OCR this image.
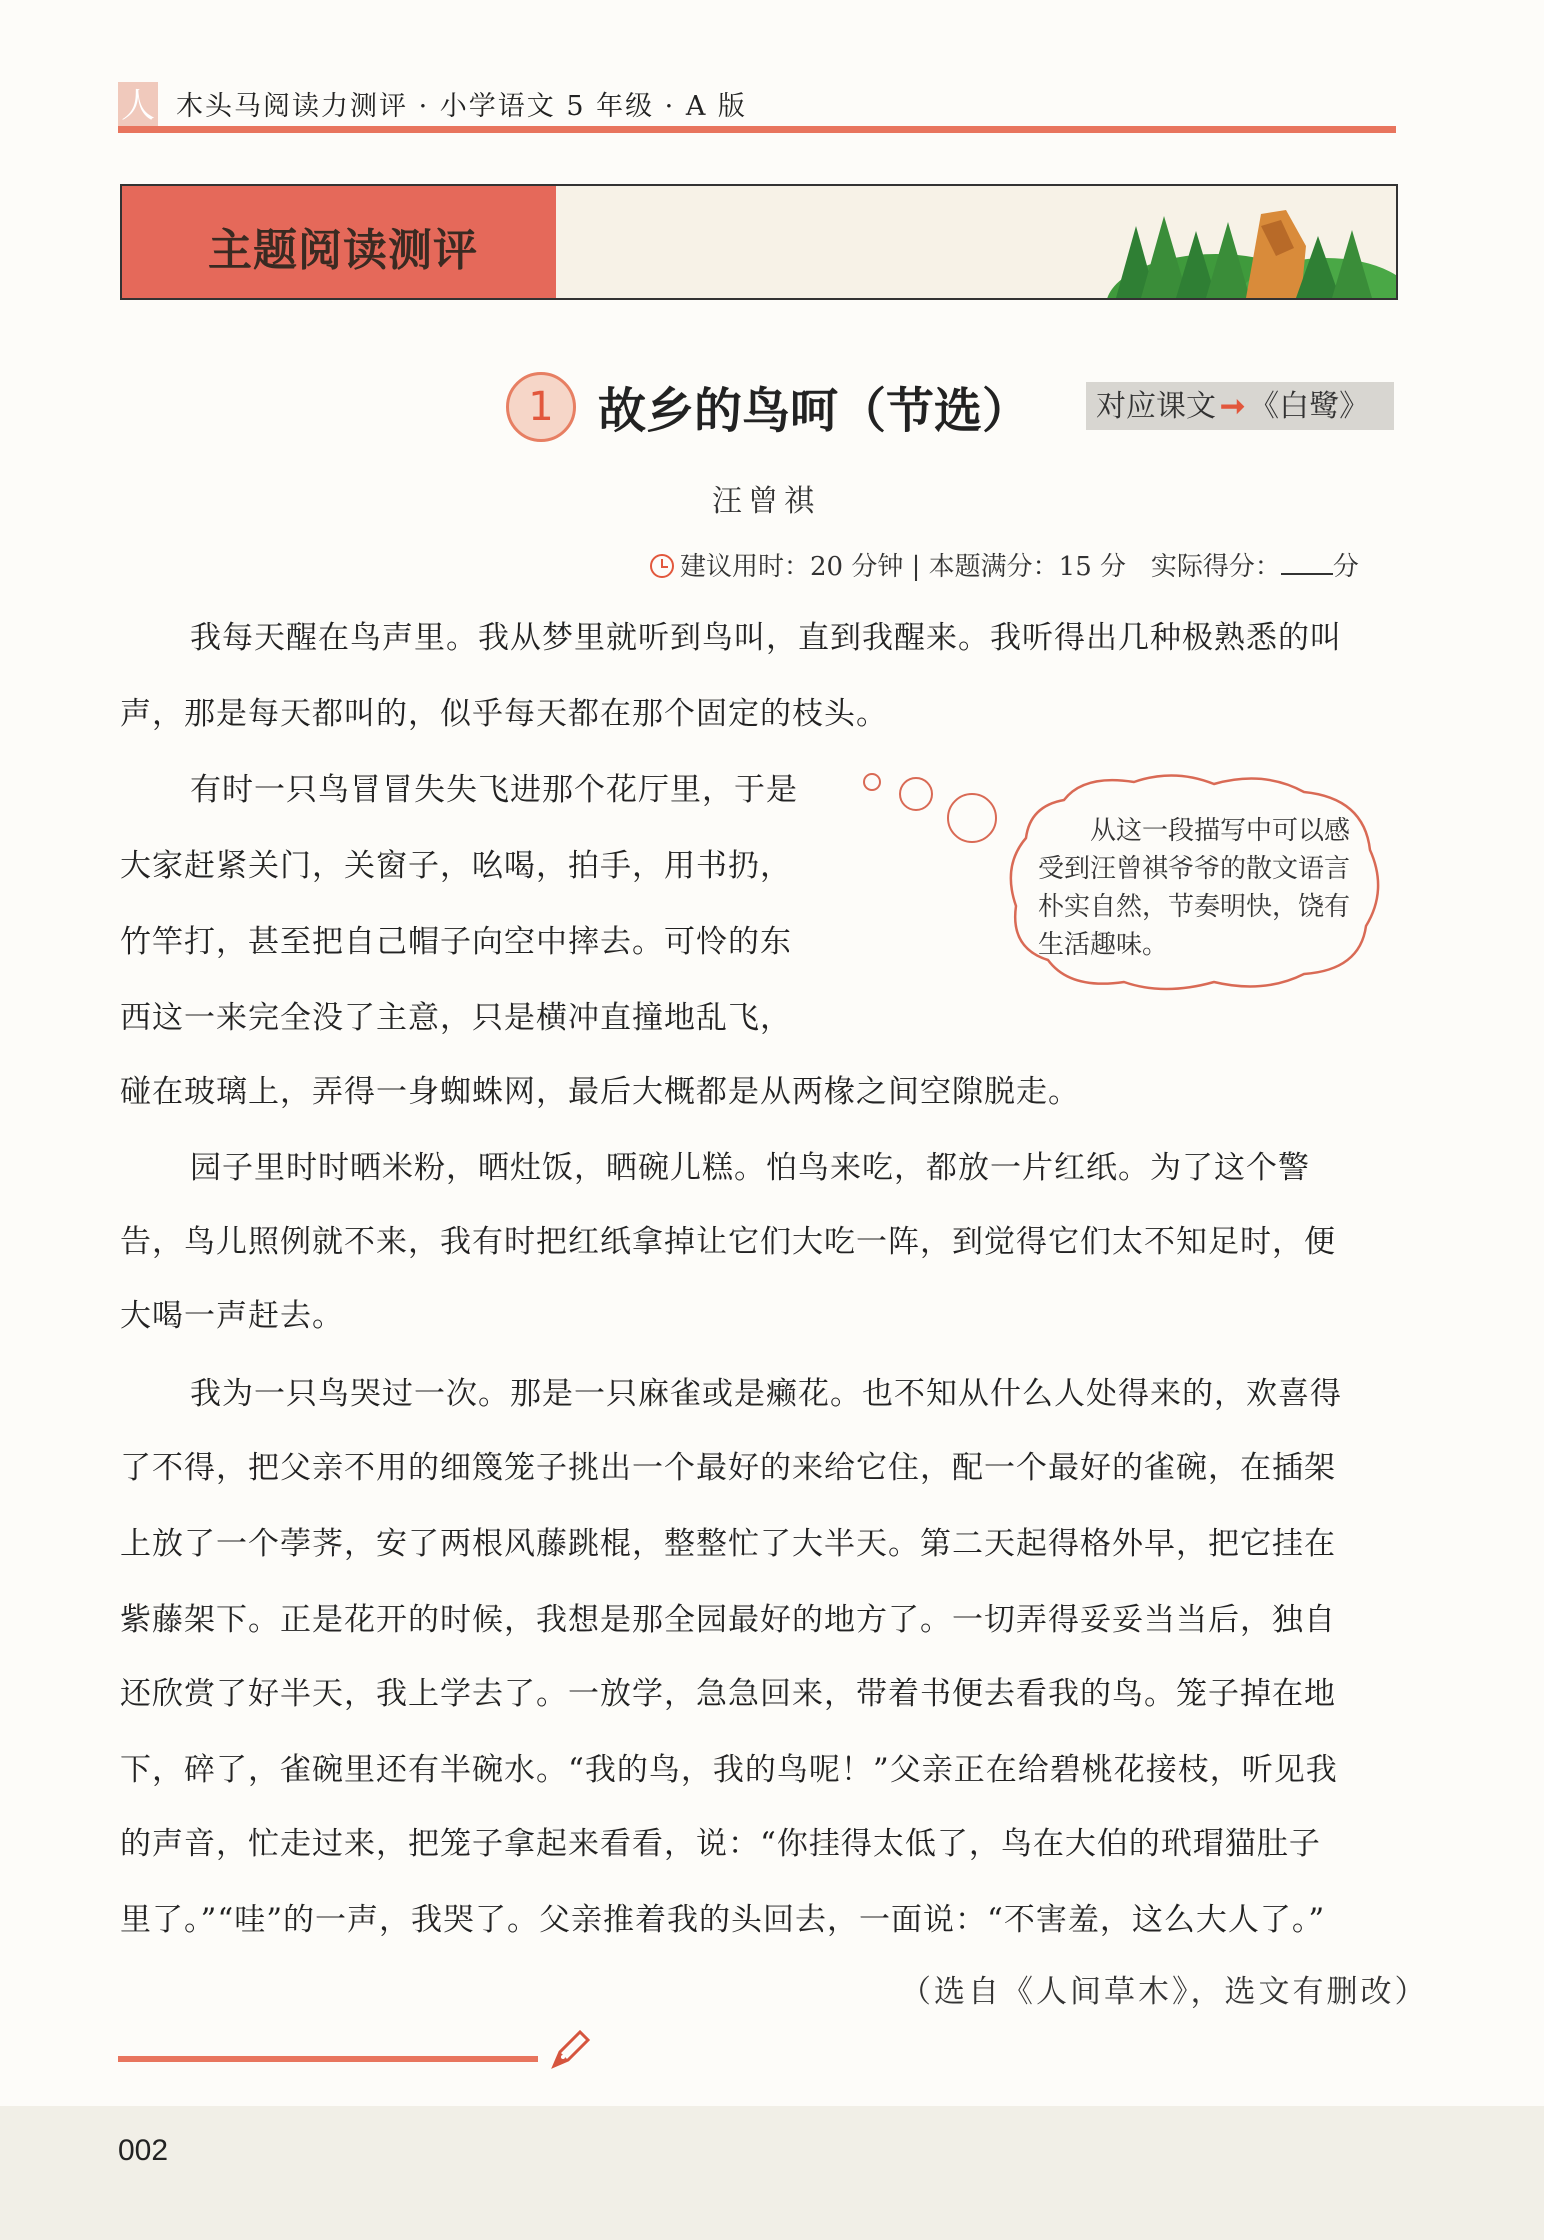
人 木头马阅读力测评 · 小学语文 5 年级 · A 版
主题阅读测评
1 故乡的鸟呵（节选）	对应课文 ➞ 《白鹭》
汪曾祺
建议用时：20 分钟 | 本题满分：15 分 实际得分： 分
我每天醒在鸟声里。我从梦里就听到鸟叫，直到我醒来。我听得出几种极熟悉的叫
声，那是每天都叫的，似乎每天都在那个固定的枝头。
有时一只鸟冒冒失失飞进那个花厅里，于是
大家赶紧关门，关窗子，吆喝，拍手，用书扔，
竹竿打，甚至把自己帽子向空中摔去。可怜的东
西这一来完全没了主意，只是横冲直撞地乱飞，
碰在玻璃上，弄得一身蜘蛛网，最后大概都是从两椽之间空隙脱走。
园子里时时晒米粉，晒灶饭，晒碗儿糕。怕鸟来吃，都放一片红纸。为了这个警
告，鸟儿照例就不来，我有时把红纸拿掉让它们大吃一阵，到觉得它们太不知足时，便
大喝一声赶去。
我为一只鸟哭过一次。那是一只麻雀或是癞花。也不知从什么人处得来的，欢喜得
了不得，把父亲不用的细篾笼子挑出一个最好的来给它住，配一个最好的雀碗，在插架
上放了一个荸荠，安了两根风藤跳棍，整整忙了大半天。第二天起得格外早，把它挂在
紫藤架下。正是花开的时候，我想是那全园最好的地方了。一切弄得妥妥当当后，独自
还欣赏了好半天，我上学去了。一放学，急急回来，带着书便去看我的鸟。笼子掉在地
下，碎了，雀碗里还有半碗水。“我的鸟，我的鸟呢！”父亲正在给碧桃花接枝，听见我
的声音，忙走过来，把笼子拿起来看看，说：“你挂得太低了，鸟在大伯的玳瑁猫肚子
里了。”“哇”的一声，我哭了。父亲推着我的头回去，一面说：“不害羞，这么大人了。”
从这一段描写中可以感受到汪曾祺爷爷的散文语言朴实自然，节奏明快，饶有生活趣味。
（选自《人间草木》，选文有删改）
002
